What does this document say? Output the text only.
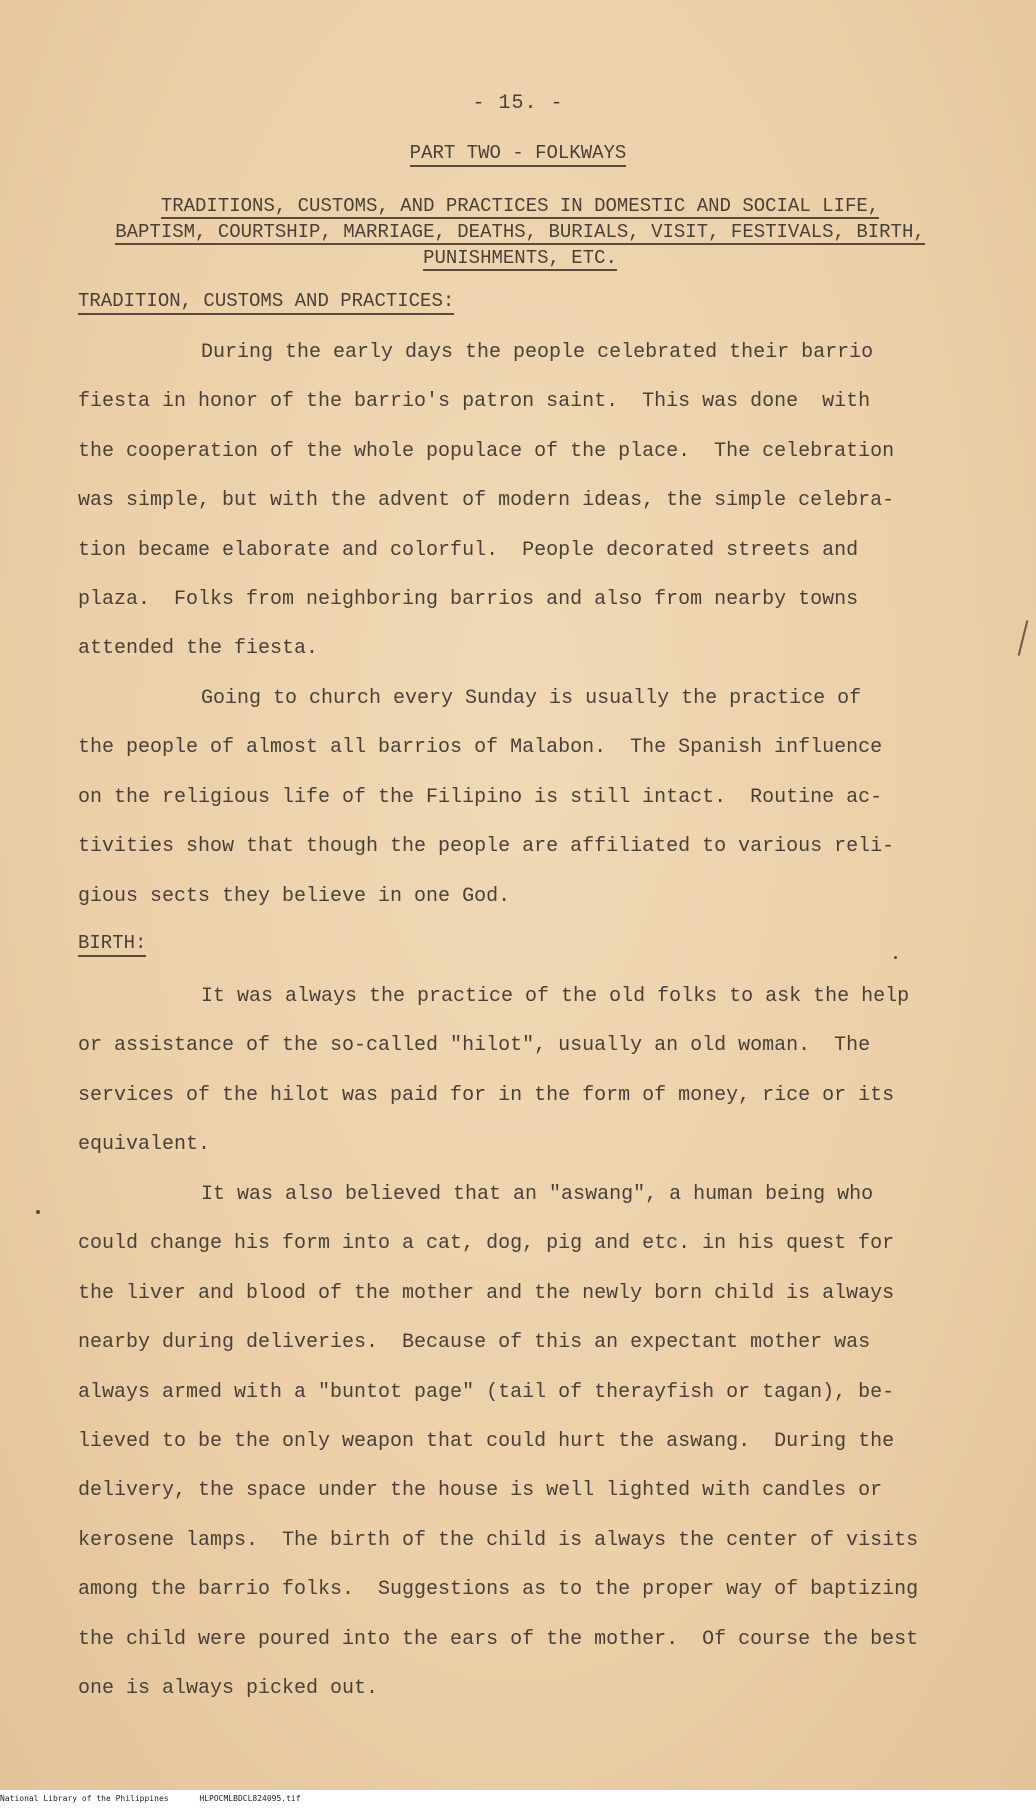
- 15. -
PART TWO - FOLKWAYS
TRADITIONS, CUSTOMS, AND PRACTICES IN DOMESTIC AND SOCIAL LIFE,
BAPTISM, COURTSHIP, MARRIAGE, DEATHS, BURIALS, VISIT, FESTIVALS, BIRTH,
PUNISHMENTS, ETC.
TRADITION, CUSTOMS AND PRACTICES:

During the early days the people celebrated their barrio
fiesta in honor of the barrio's patron saint.  This was done  with
the cooperation of the whole populace of the place.  The celebration
was simple, but with the advent of modern ideas, the simple celebra-
tion became elaborate and colorful.  People decorated streets and
plaza.  Folks from neighboring barrios and also from nearby towns
attended the fiesta.

Going to church every Sunday is usually the practice of
the people of almost all barrios of Malabon.  The Spanish influence
on the religious life of the Filipino is still intact.  Routine ac-
tivities show that though the people are affiliated to various reli-
gious sects they believe in one God.

BIRTH:

It was always the practice of the old folks to ask the help
or assistance of the so-called "hilot", usually an old woman.  The
services of the hilot was paid for in the form of money, rice or its
equivalent.

It was also believed that an "aswang", a human being who
could change his form into a cat, dog, pig and etc. in his quest for
the liver and blood of the mother and the newly born child is always
nearby during deliveries.  Because of this an expectant mother was
always armed with a "buntot page" (tail of therayfish or tagan), be-
lieved to be the only weapon that could hurt the aswang.  During the
delivery, the space under the house is well lighted with candles or
kerosene lamps.  The birth of the child is always the center of visits
among the barrio folks.  Suggestions as to the proper way of baptizing
the child were poured into the ears of the mother.  Of course the best
one is always picked out.

National Library of the Philippines	HLPOCMLBDCL824095.tif
